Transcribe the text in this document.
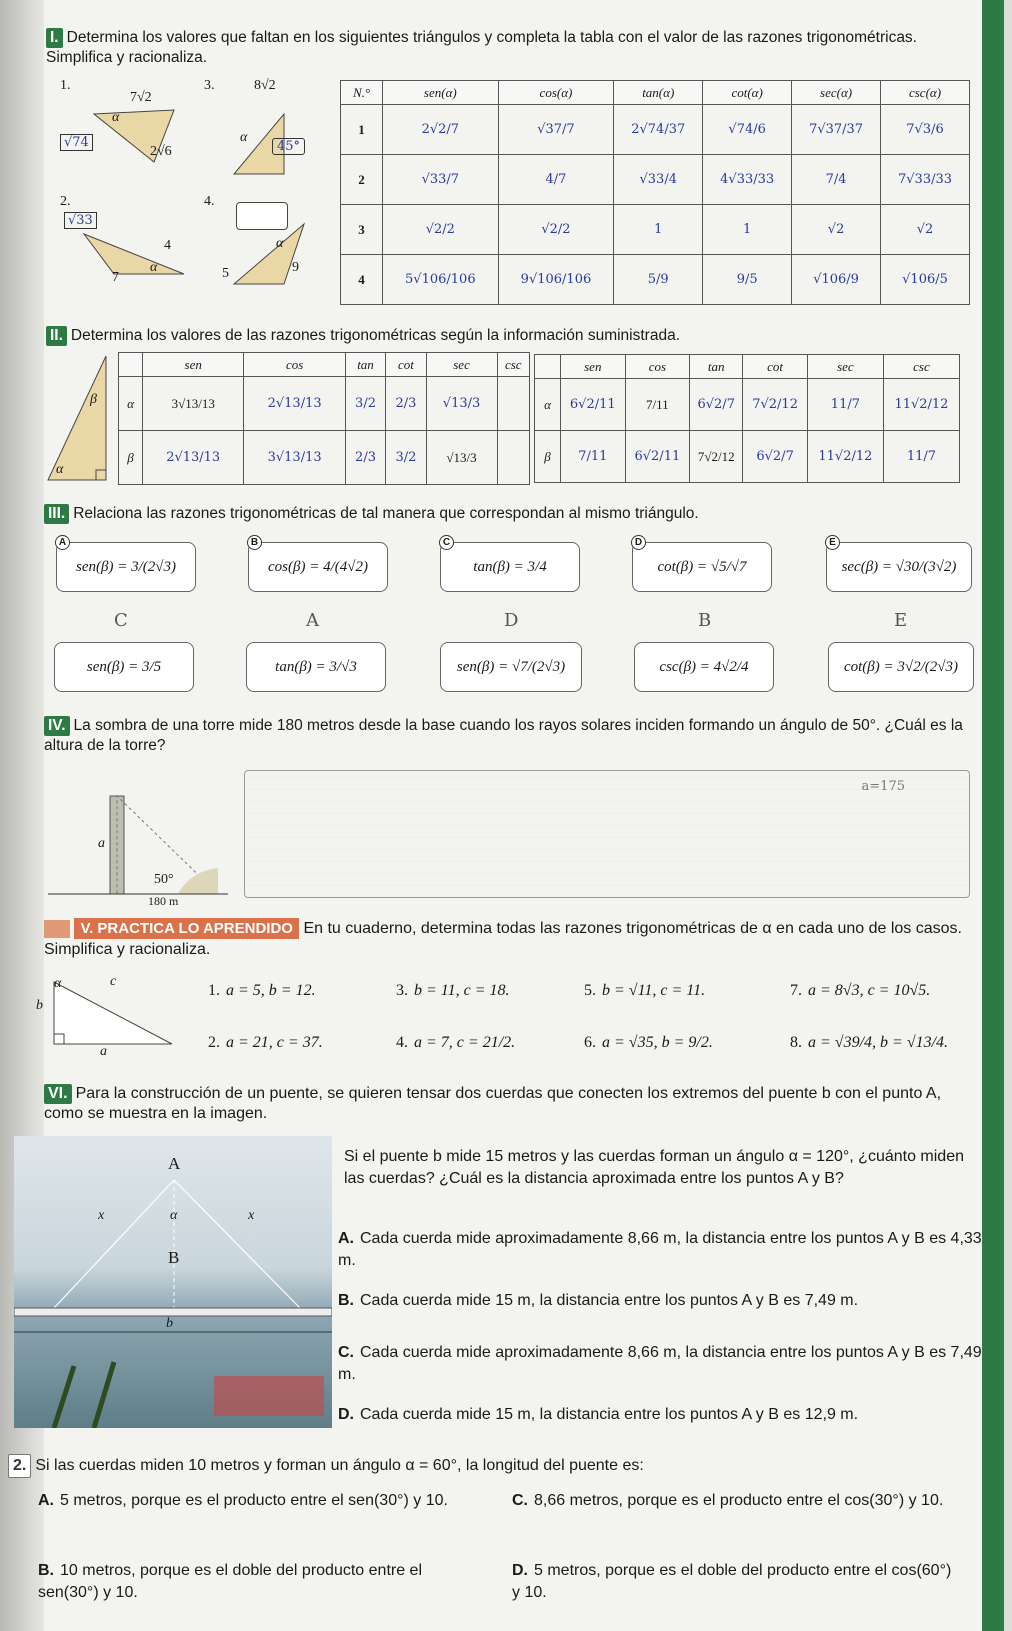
I. Determina los valores que faltan en los siguientes triángulos y completa la tabla con el valor de las razones trigonométricas. Simplifica y racionaliza.
1.	3.
2.	4.
7√2
√74
2√6
α
8√2
α
45°
√33
4
7
α	5	9
α
N.°	sen(α)	cos(α)	tan(α)	cot(α)	sec(α)	csc(α)
1	2√2/7	√37/7	2√74/37	√74/6	7√37/37	7√3/6
2	√33/7	4/7	√33/4	4√33/33	7/4	7√33/33
3	√2/2	√2/2	1	1	√2	√2
4	5√106/106	9√106/106	5/9	9/5	√106/9	√106/5
II. Determina los valores de las razones trigonométricas según la información suministrada.
β
α
	sen	cos	tan	cot	sec	csc
α	3√13/13	2√13/13	3/2	2/3	√13/3	
β	2√13/13	3√13/13	2/3	3/2	√13/3	
	sen	cos	tan	cot	sec	csc
α	6√2/11	7/11	6√2/7	7√2/12	11/7	11√2/12
β	7/11	6√2/11	7√2/12	6√2/7	11√2/12	11/7
III. Relaciona las razones trigonométricas de tal manera que correspondan al mismo triángulo.
A
sen(β) = 3/(2√3)
B
cos(β) = 4/(4√2)
C
tan(β) = 3/4
D
cot(β) = √5/√7
E
sec(β) = √30/(3√2)
C	A	D	B	E
sen(β) = 3/5	tan(β) = 3/√3	sen(β) = √7/(2√3)	csc(β) = 4√2/4	cot(β) = 3√2/(2√3)
IV. La sombra de una torre mide 180 metros desde la base cuando los rayos solares inciden formando un ángulo de 50°. ¿Cuál es la altura de la torre?
a
50°
180 m
a=175
V. PRACTICA LO APRENDIDO En tu cuaderno, determina todas las razones trigonométricas de α en cada uno de los casos. Simplifica y racionaliza.
α	c
b
a
1. a = 5, b = 12.	3. b = 11, c = 18.	5. b = √11, c = 11.	7. a = 8√3, c = 10√5.
2. a = 21, c = 37.	4. a = 7, c = 21/2.	6. a = √35, b = 9/2.	8. a = √39/4, b = √13/4.
VI. Para la construcción de un puente, se quieren tensar dos cuerdas que conecten los extremos del puente b con el punto A, como se muestra en la imagen.
A
B
x	x
α
b
Si el puente b mide 15 metros y las cuerdas forman un ángulo α = 120°, ¿cuánto miden las cuerdas? ¿Cuál es la distancia aproximada entre los puntos A y B?
A. Cada cuerda mide aproximadamente 8,66 m, la distancia entre los puntos A y B es 4,33 m.
B. Cada cuerda mide 15 m, la distancia entre los puntos A y B es 7,49 m.
C. Cada cuerda mide aproximadamente 8,66 m, la distancia entre los puntos A y B es 7,49 m.
D. Cada cuerda mide 15 m, la distancia entre los puntos A y B es 12,9 m.
2. Si las cuerdas miden 10 metros y forman un ángulo α = 60°, la longitud del puente es:
A. 5 metros, porque es el producto entre el sen(30°) y 10.	C. 8,66 metros, porque es el producto entre el cos(30°) y 10.
B. 10 metros, porque es el doble del producto entre el sen(30°) y 10.
D. 5 metros, porque es el doble del producto entre el cos(60°) y 10.
